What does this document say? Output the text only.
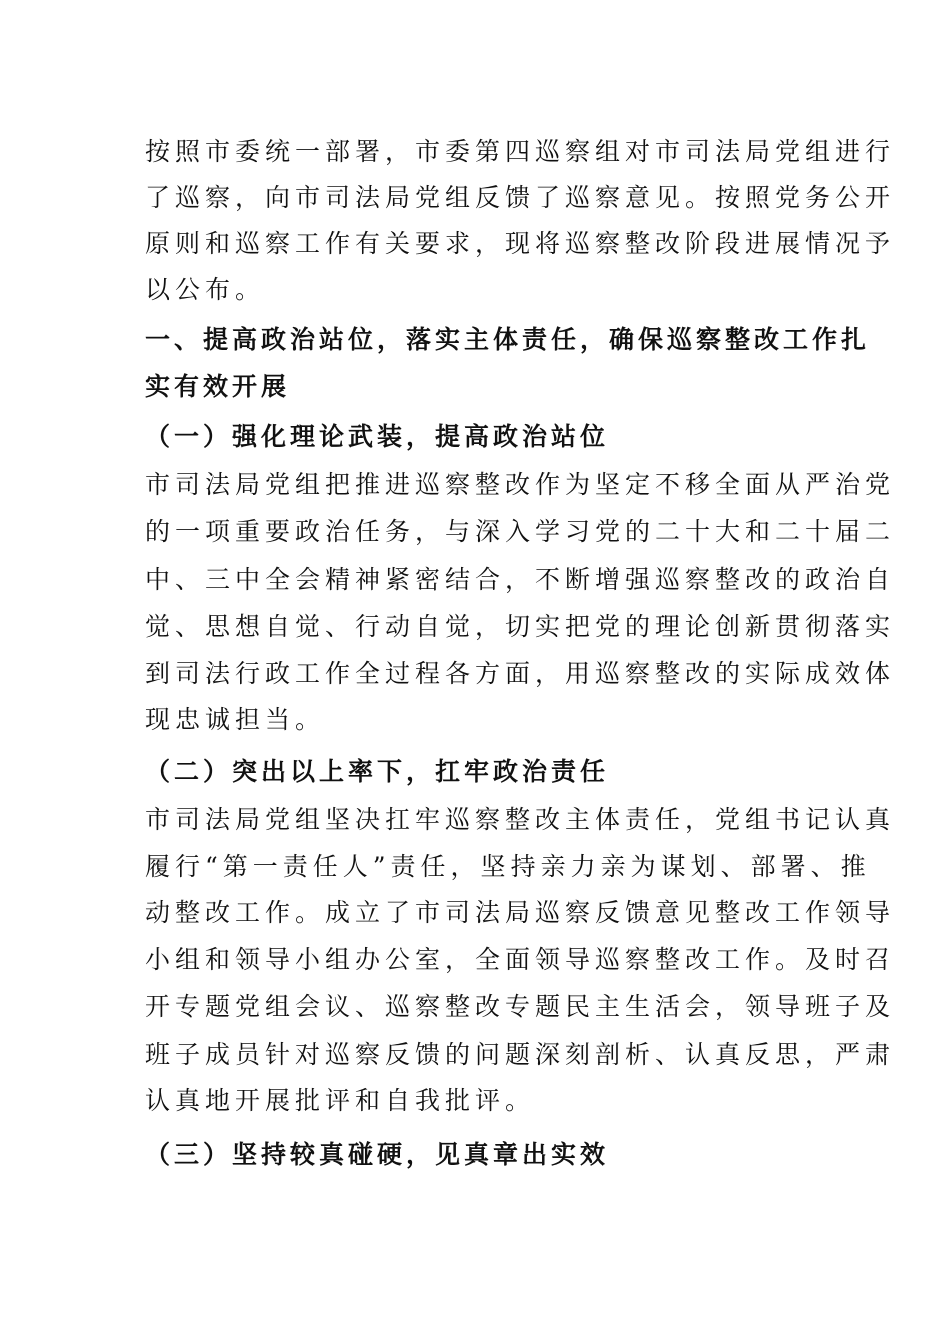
按照市委统一部署，市委第四巡察组对市司法局党组进行
了巡察，向市司法局党组反馈了巡察意见。按照党务公开
原则和巡察工作有关要求，现将巡察整改阶段进展情况予
以公布。
一、提高政治站位，落实主体责任，确保巡察整改工作扎
实有效开展
（一）强化理论武装，提高政治站位
市司法局党组把推进巡察整改作为坚定不移全面从严治党
的一项重要政治任务，与深入学习党的二十大和二十届二
中、三中全会精神紧密结合，不断增强巡察整改的政治自
觉、思想自觉、行动自觉，切实把党的理论创新贯彻落实
到司法行政工作全过程各方面，用巡察整改的实际成效体
现忠诚担当。
（二）突出以上率下，扛牢政治责任
市司法局党组坚决扛牢巡察整改主体责任，党组书记认真
履行“第一责任人”责任，坚持亲力亲为谋划、部署、推
动整改工作。成立了市司法局巡察反馈意见整改工作领导
小组和领导小组办公室，全面领导巡察整改工作。及时召
开专题党组会议、巡察整改专题民主生活会，领导班子及
班子成员针对巡察反馈的问题深刻剖析、认真反思，严肃
认真地开展批评和自我批评。
（三）坚持较真碰硬，见真章出实效
